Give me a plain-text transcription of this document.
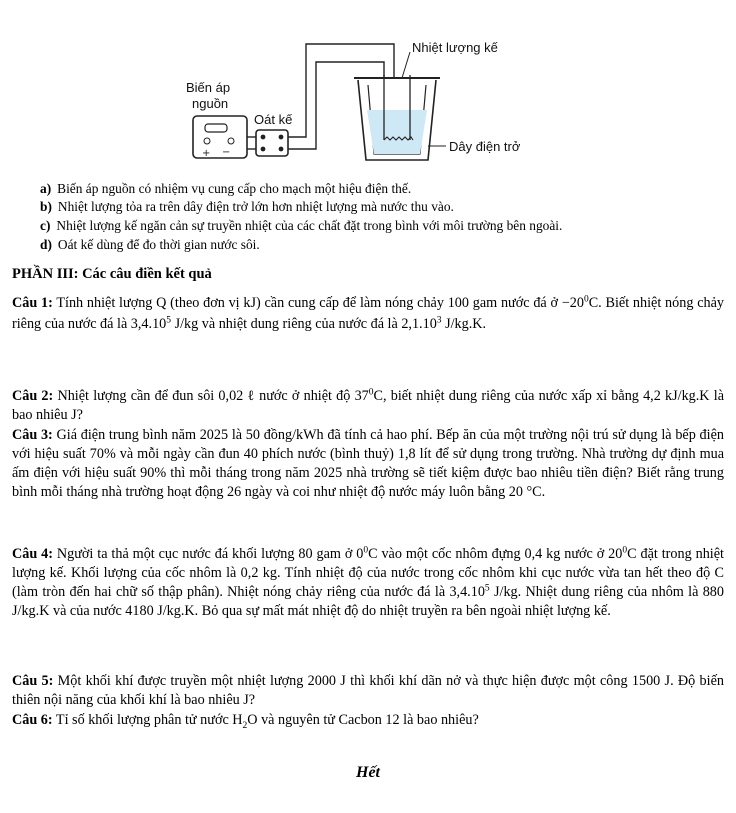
+ −
Nhiệt lượng kế
Biến áp
nguồn
Oát kế
Dây điện trở
a) Biến áp nguồn có nhiệm vụ cung cấp cho mạch một hiệu điện thế.
b) Nhiệt lượng tỏa ra trên dây điện trở lớn hơn nhiệt lượng mà nước thu vào.
c) Nhiệt lượng kế ngăn cản sự truyền nhiệt của các chất đặt trong bình với môi trường bên ngoài.
d) Oát kế dùng để đo thời gian nước sôi.
PHẦN III: Các câu điền kết quả
Câu 1: Tính nhiệt lượng Q (theo đơn vị kJ) cần cung cấp để làm nóng chảy 100 gam nước đá ở $-20^0C$. Biết nhiệt nóng chảy riêng của nước đá là 3,4.10$^5$ J/kg và nhiệt dung riêng của nước đá là 2,1.10$^3$ J/kg.K.
Câu 2: Nhiệt lượng cần để đun sôi 0,02 ℓ nước ở nhiệt độ $37^0C$, biết nhiệt dung riêng của nước xấp xỉ bằng 4,2 kJ/kg.K là bao nhiêu J?
Câu 3: Giá điện trung bình năm 2025 là 50 đồng/kWh đã tính cả hao phí. Bếp ăn của một trường nội trú sử dụng là bếp điện với hiệu suất 70% và mỗi ngày cần đun 40 phích nước (bình thuỷ) 1,8 lít để sử dụng trong trường. Nhà trường dự định mua ấm điện với hiệu suất 90% thì mỗi tháng trong năm 2025 nhà trường sẽ tiết kiệm được bao nhiêu tiền điện? Biết rằng trung bình mỗi tháng nhà trường hoạt động 26 ngày và coi như nhiệt độ nước máy luôn bằng 20 °C.
Câu 4: Người ta thả một cục nước đá khối lượng 80 gam ở $0^0C$ vào một cốc nhôm đựng 0,4 kg nước ở $20^0C$ đặt trong nhiệt lượng kế. Khối lượng của cốc nhôm là 0,2 kg. Tính nhiệt độ của nước trong cốc nhôm khi cục nước vừa tan hết theo độ C (làm tròn đến hai chữ số thập phân). Nhiệt nóng chảy riêng của nước đá là 3,4.10$^5$ J/kg. Nhiệt dung riêng của nhôm là 880 J/kg.K và của nước 4180 J/kg.K. Bỏ qua sự mất mát nhiệt độ do nhiệt truyền ra bên ngoài nhiệt lượng kế.
Câu 5: Một khối khí được truyền một nhiệt lượng 2000 J thì khối khí dãn nở và thực hiện được một công 1500 J. Độ biến thiên nội năng của khối khí là bao nhiêu J?
Câu 6: Tỉ số khối lượng phân tử nước $H_2O$ và nguyên tử Cacbon 12 là bao nhiêu?
Hết
